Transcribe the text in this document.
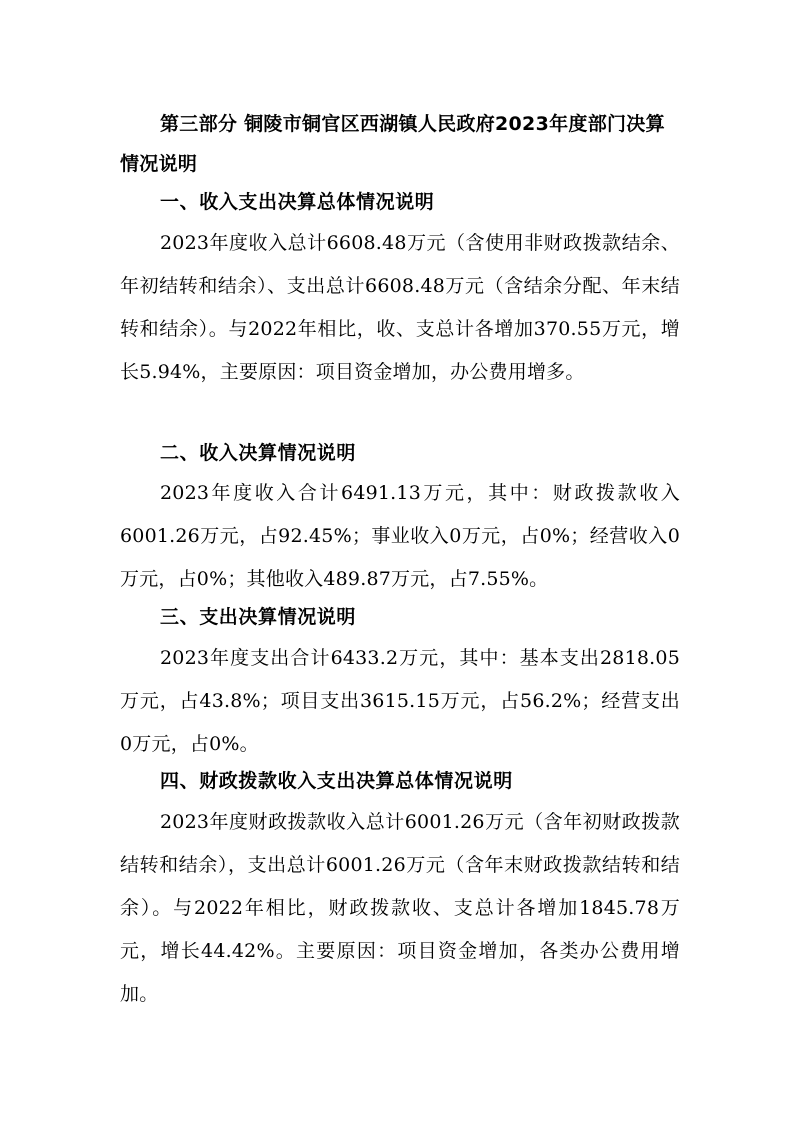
第三部分 铜陵市铜官区西湖镇人民政府2023年度部门决算情况说明
一、收入支出决算总体情况说明
2023年度收入总计6608.48万元（含使用非财政拨款结余、年初结转和结余）、支出总计6608.48万元（含结余分配、年末结转和结余）。与2022年相比，收、支总计各增加370.55万元，增长5.94%，主要原因：项目资金增加，办公费用增多。
二、收入决算情况说明
2023年度收入合计6491.13万元，其中：财政拨款收入6001.26万元，占92.45%；事业收入0万元，占0%；经营收入0万元，占0%；其他收入489.87万元，占7.55%。
三、支出决算情况说明
2023年度支出合计6433.2万元，其中：基本支出2818.05万元，占43.8%；项目支出3615.15万元，占56.2%；经营支出0万元，占0%。
四、财政拨款收入支出决算总体情况说明
2023年度财政拨款收入总计6001.26万元（含年初财政拨款结转和结余），支出总计6001.26万元（含年末财政拨款结转和结余）。与2022年相比，财政拨款收、支总计各增加1845.78万元，增长44.42%。主要原因：项目资金增加，各类办公费用增加。
